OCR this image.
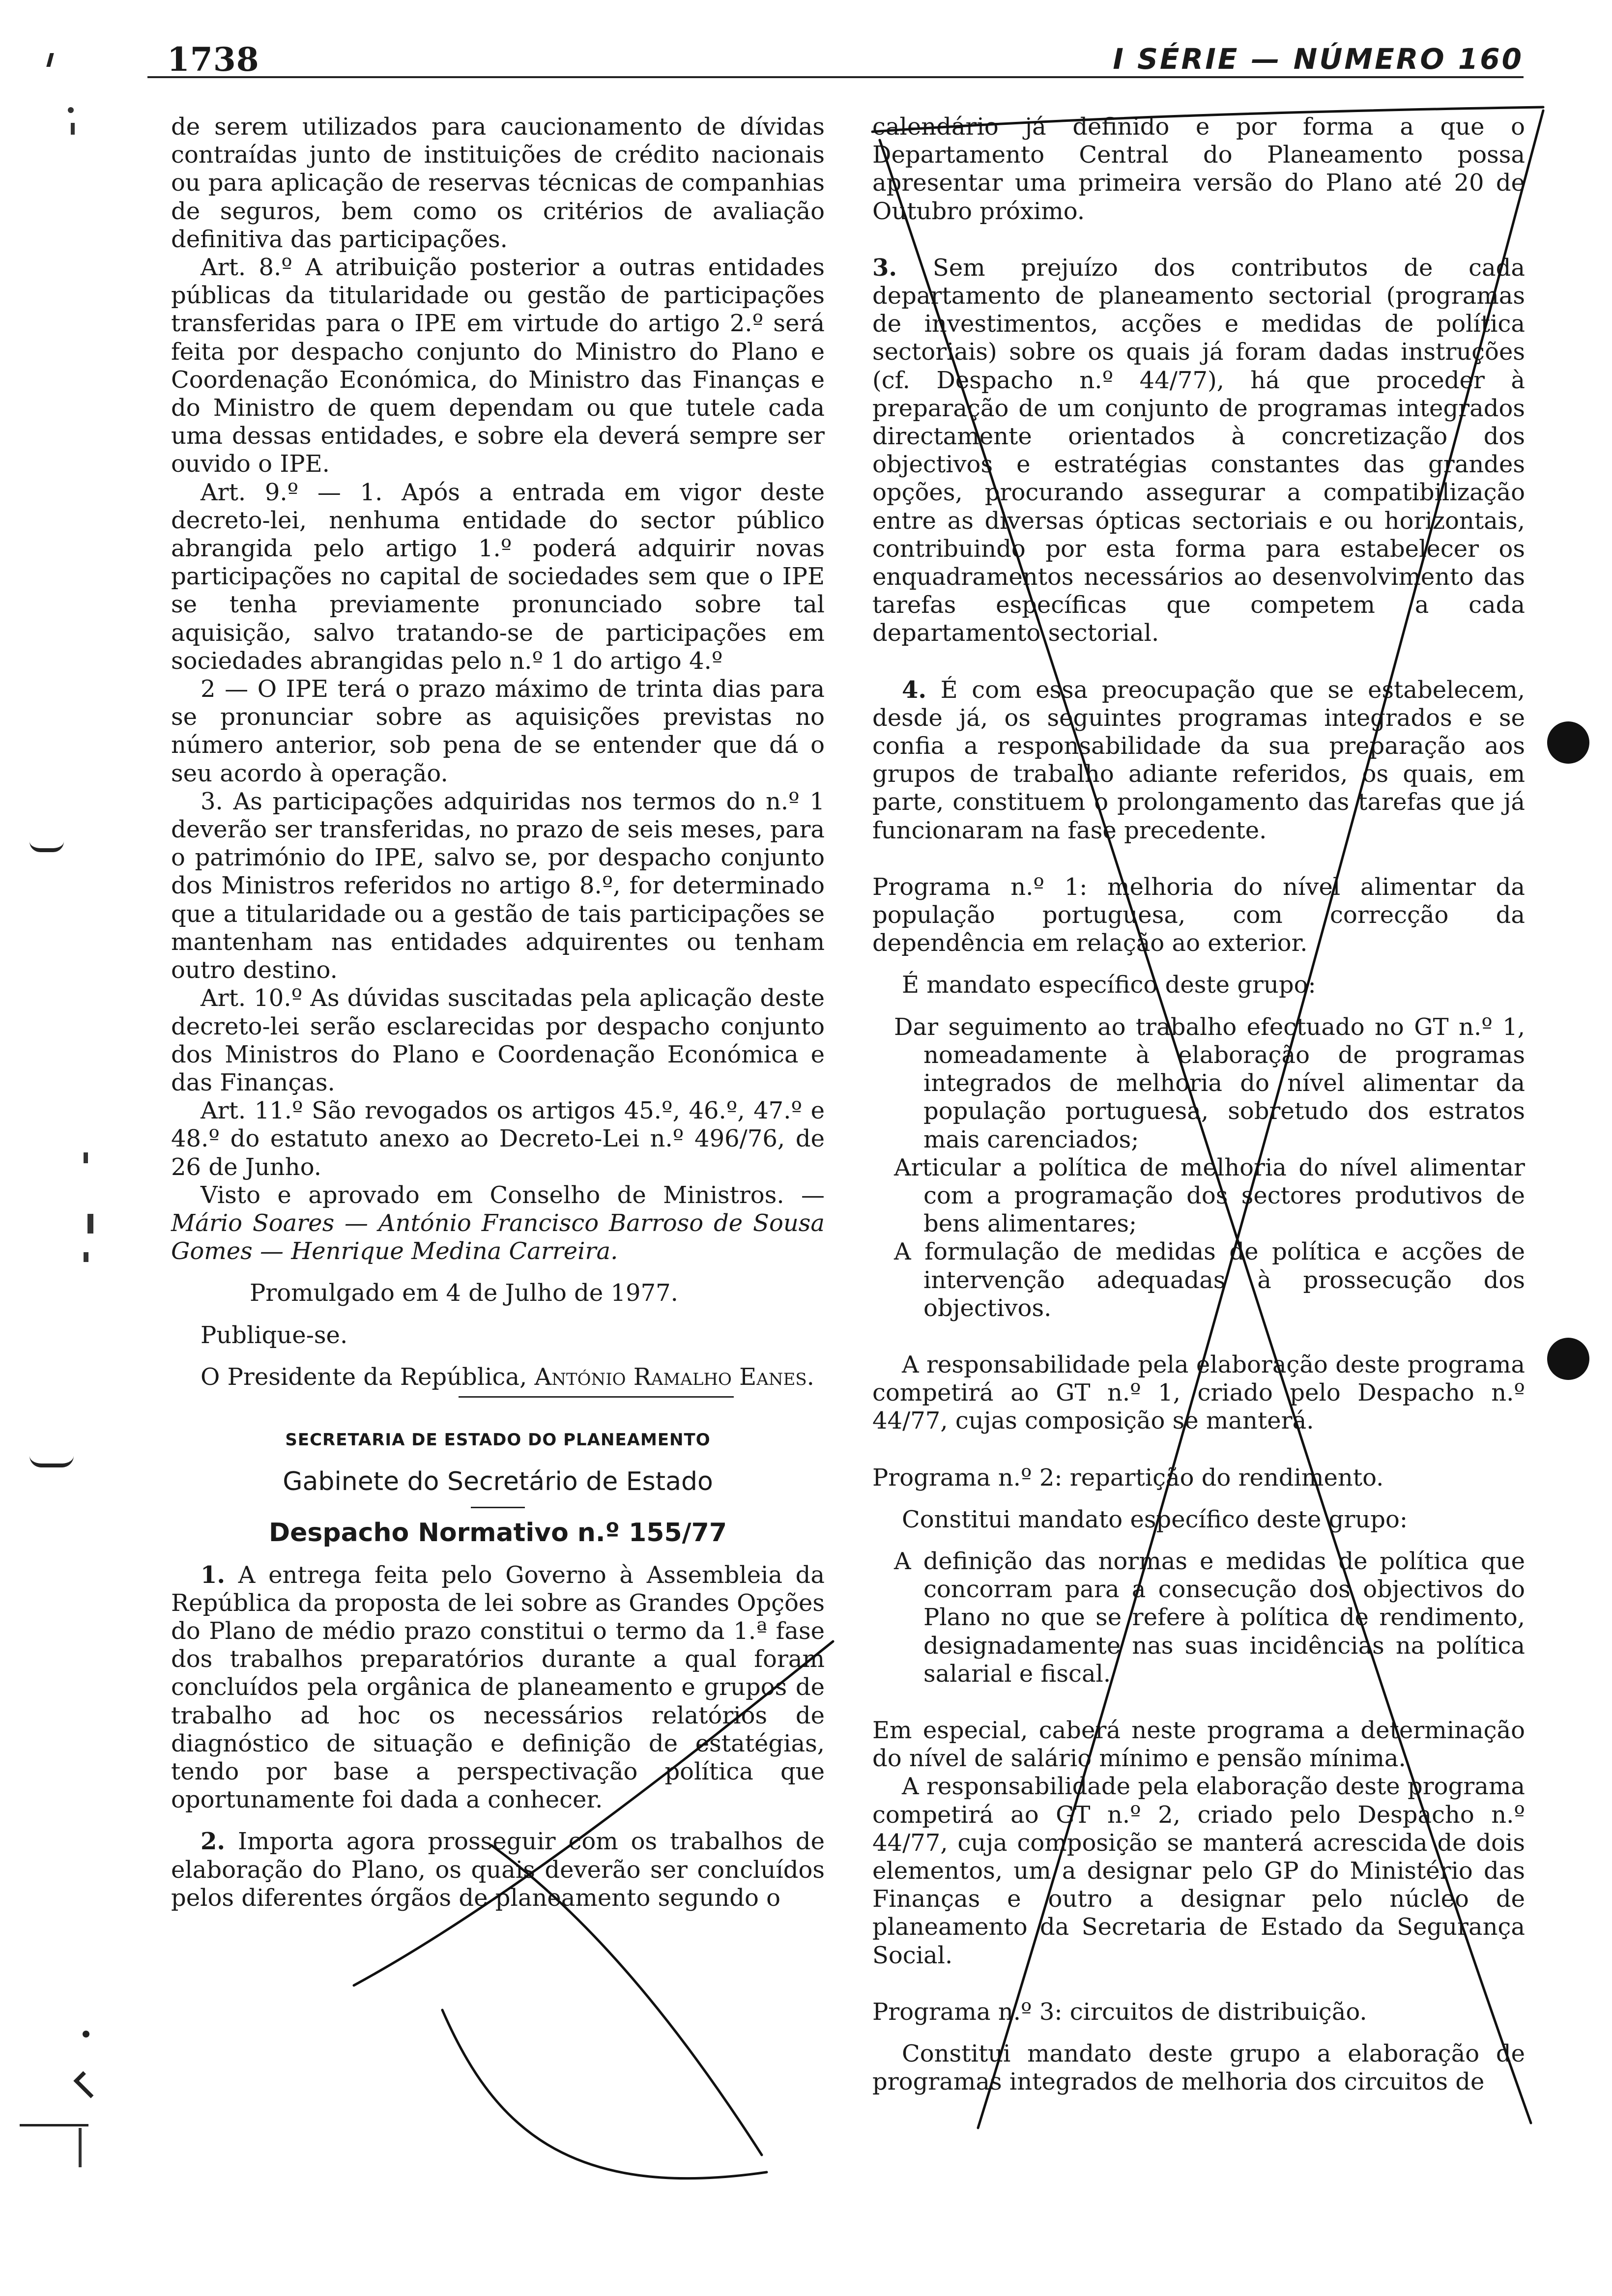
1738	I SÉRIE — NÚMERO 160

de serem utilizados para caucionamento de dívidas contraídas junto de instituições de crédito nacionais ou para aplicação de reservas técnicas de companhias de seguros, bem como os critérios de avaliação definitiva das participações.

Art. 8.º A atribuição posterior a outras entidades públicas da titularidade ou gestão de participações transferidas para o IPE em virtude do artigo 2.º será feita por despacho conjunto do Ministro do Plano e Coordenação Económica, do Ministro das Finanças e do Ministro de quem dependam ou que tutele cada uma dessas entidades, e sobre ela deverá sempre ser ouvido o IPE.

Art. 9.º — 1. Após a entrada em vigor deste decreto-lei, nenhuma entidade do sector público abrangida pelo artigo 1.º poderá adquirir novas participações no capital de sociedades sem que o IPE se tenha previamente pronunciado sobre tal aquisição, salvo tratando-se de participações em sociedades abrangidas pelo n.º 1 do artigo 4.º

2 — O IPE terá o prazo máximo de trinta dias para se pronunciar sobre as aquisições previstas no número anterior, sob pena de se entender que dá o seu acordo à operação.

3. As participações adquiridas nos termos do n.º 1 deverão ser transferidas, no prazo de seis meses, para o património do IPE, salvo se, por despacho conjunto dos Ministros referidos no artigo 8.º, for determinado que a titularidade ou a gestão de tais participações se mantenham nas entidades adquirentes ou tenham outro destino.

Art. 10.º As dúvidas suscitadas pela aplicação deste decreto-lei serão esclarecidas por despacho conjunto dos Ministros do Plano e Coordenação Económica e das Finanças.

Art. 11.º São revogados os artigos 45.º, 46.º, 47.º e 48.º do estatuto anexo ao Decreto-Lei n.º 496/76, de 26 de Junho.

Visto e aprovado em Conselho de Ministros. — Mário Soares — António Francisco Barroso de Sousa Gomes — Henrique Medina Carreira.

Promulgado em 4 de Julho de 1977.

Publique-se.

O Presidente da República, António Ramalho Eanes.

SECRETARIA DE ESTADO DO PLANEAMENTO
Gabinete do Secretário de Estado
Despacho Normativo n.º 155/77

1. A entrega feita pelo Governo à Assembleia da República da proposta de lei sobre as Grandes Opções do Plano de médio prazo constitui o termo da 1.ª fase dos trabalhos preparatórios durante a qual foram concluídos pela orgânica de planeamento e grupos de trabalho ad hoc os necessários relatórios de diagnóstico de situação e definição de estatégias, tendo por base a perspectivação política que oportunamente foi dada a conhecer.

2. Importa agora prosseguir com os trabalhos de elaboração do Plano, os quais deverão ser concluídos pelos diferentes órgãos de planeamento segundo o

calendário já definido e por forma a que o Departamento Central do Planeamento possa apresentar uma primeira versão do Plano até 20 de Outubro próximo.

3. Sem prejuízo dos contributos de cada departamento de planeamento sectorial (programas de investimentos, acções e medidas de política sectoriais) sobre os quais já foram dadas instruções (cf. Despacho n.º 44/77), há que proceder à preparação de um conjunto de programas integrados directamente orientados à concretização dos objectivos e estratégias constantes das grandes opções, procurando assegurar a compatibilização entre as diversas ópticas sectoriais e ou horizontais, contribuindo por esta forma para estabelecer os enquadramentos necessários ao desenvolvimento das tarefas específicas que competem a cada departamento sectorial.

4. É com essa preocupação que se estabelecem, desde já, os seguintes programas integrados e se confia a responsabilidade da sua preparação aos grupos de trabalho adiante referidos, os quais, em parte, constituem o prolongamento das tarefas que já funcionaram na fase precedente.

Programa n.º 1: melhoria do nível alimentar da população portuguesa, com correcção da dependência em relação ao exterior.

É mandato específico deste grupo:

Dar seguimento ao trabalho efectuado no GT n.º 1, nomeadamente à elaboração de programas integrados de melhoria do nível alimentar da população portuguesa, sobretudo dos estratos mais carenciados;

Articular a política de melhoria do nível alimentar com a programação dos sectores produtivos de bens alimentares;

A formulação de medidas de política e acções de intervenção adequadas à prossecução dos objectivos.

A responsabilidade pela elaboração deste programa competirá ao GT n.º 1, criado pelo Despacho n.º 44/77, cujas composição se manterá.

Programa n.º 2: repartição do rendimento.

Constitui mandato específico deste grupo:

A definição das normas e medidas de política que concorram para a consecução dos objectivos do Plano no que se refere à política de rendimento, designadamente nas suas incidências na política salarial e fiscal.

Em especial, caberá neste programa a determinação do nível de salário mínimo e pensão mínima.

A responsabilidade pela elaboração deste programa competirá ao GT n.º 2, criado pelo Despacho n.º 44/77, cuja composição se manterá acrescida de dois elementos, um a designar pelo GP do Ministério das Finanças e outro a designar pelo núcleo de planeamento da Secretaria de Estado da Segurança Social.

Programa n.º 3: circuitos de distribuição.

Constitui mandato deste grupo a elaboração de programas integrados de melhoria dos circuitos de
